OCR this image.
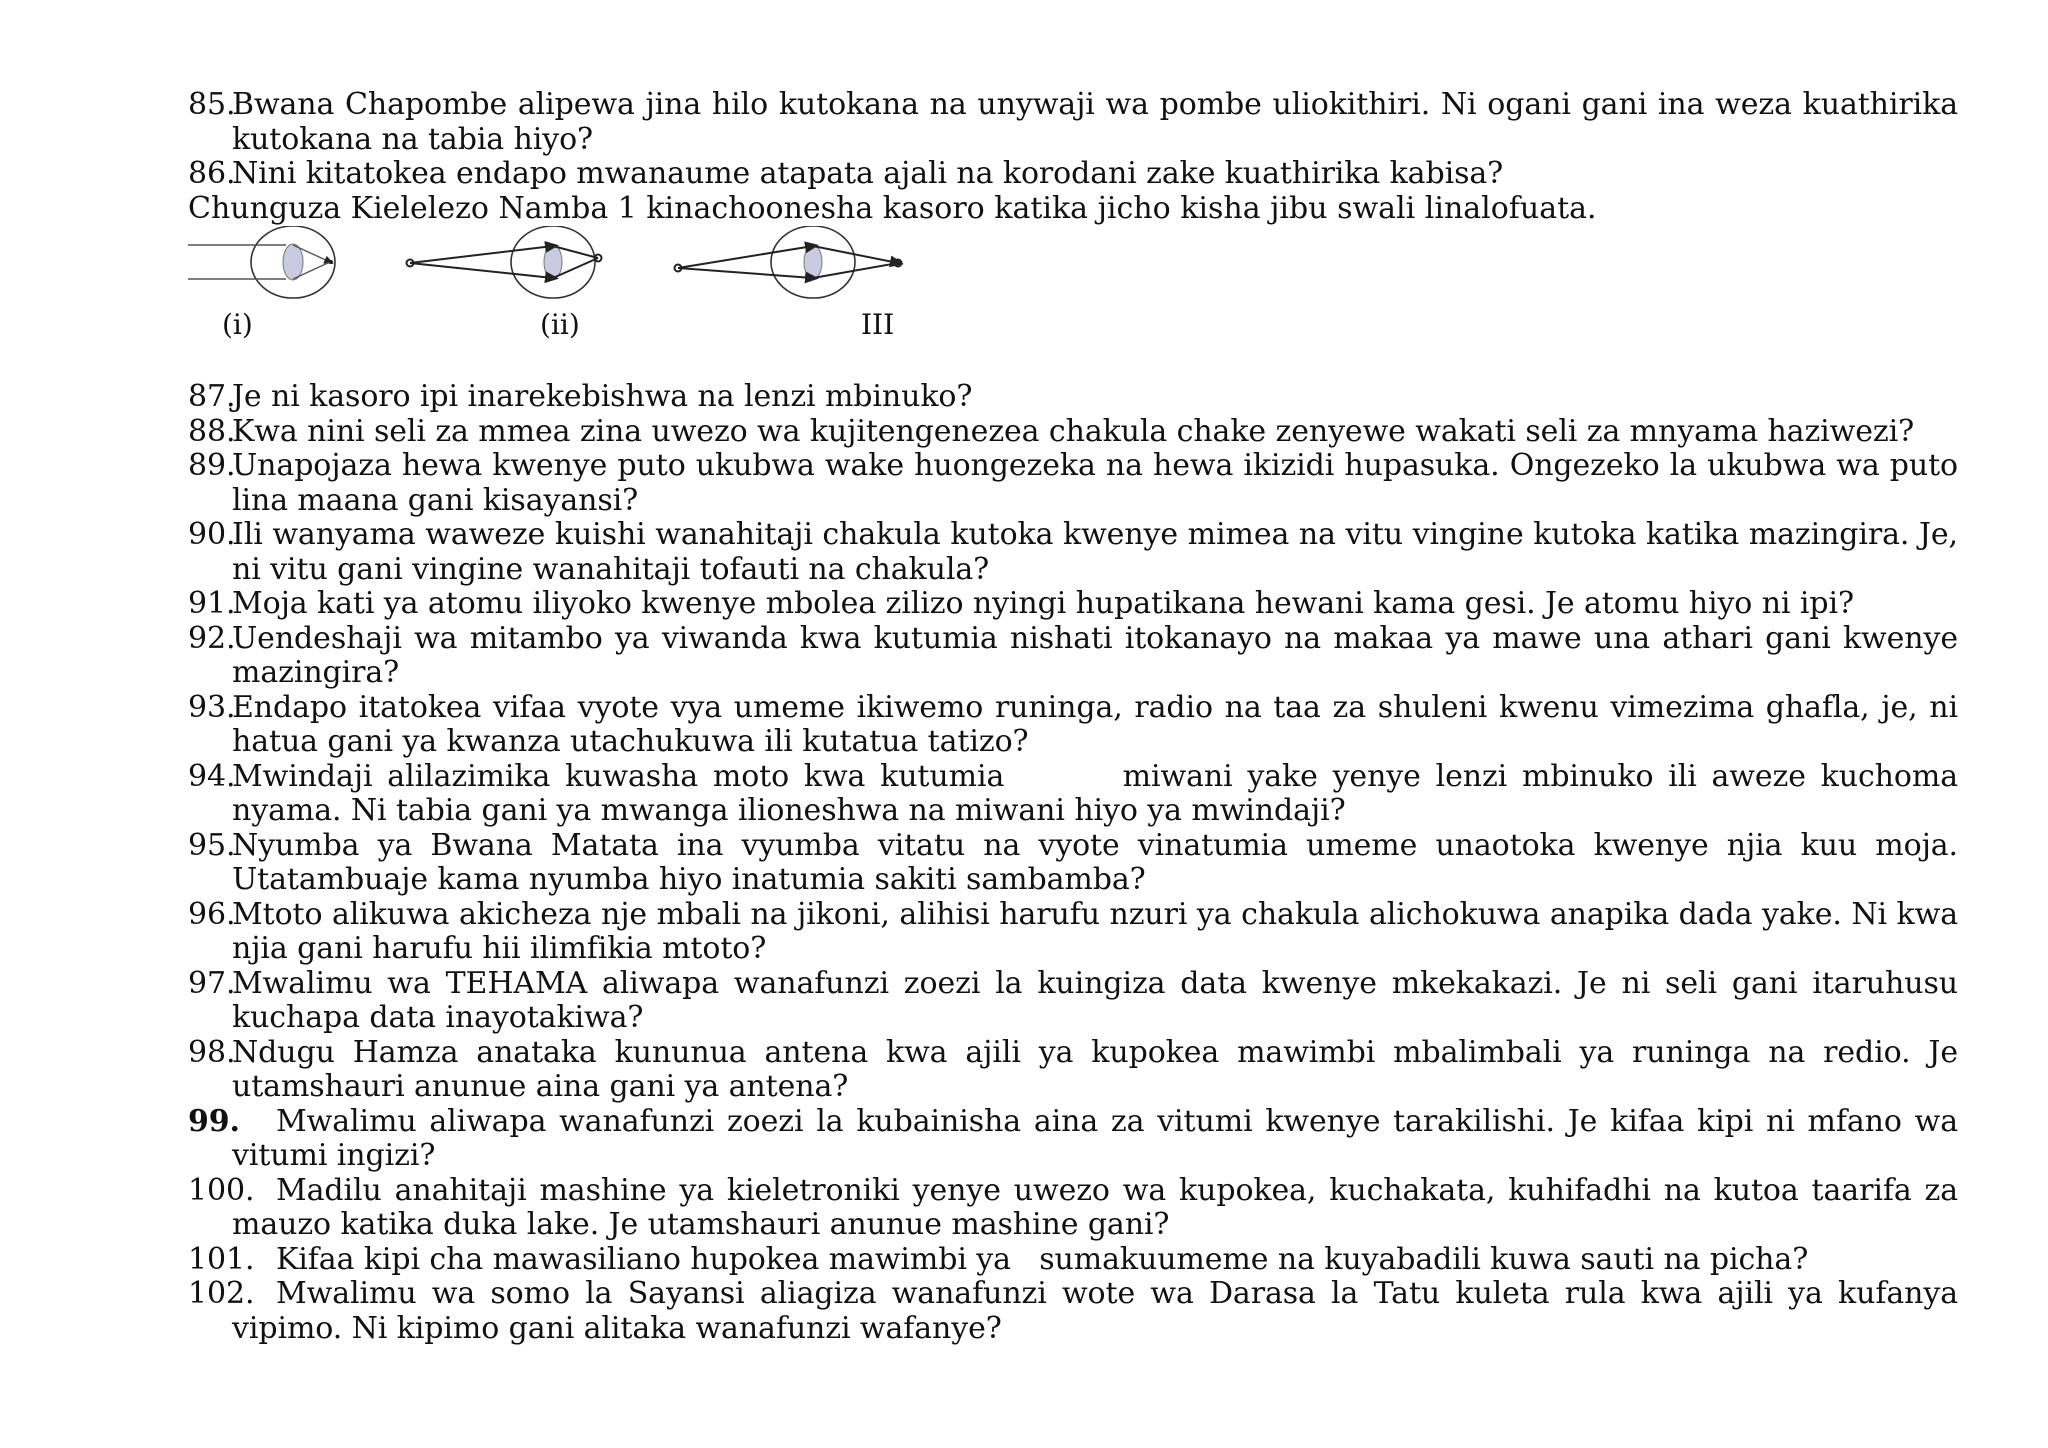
85.
Bwana Chapombe alipewa jina hilo kutokana na unywaji wa pombe uliokithiri. Ni ogani gani ina weza kuathirika kutokana na tabia hiyo?
86.
Nini kitatokea endapo mwanaume atapata ajali na korodani zake kuathirika kabisa?
Chunguza Kielelezo Namba 1 kinachoonesha kasoro katika jicho kisha jibu swali linalofuata.
(i)	(ii)	III
87.
Je ni kasoro ipi inarekebishwa na lenzi mbinuko?
88.
Kwa nini seli za mmea zina uwezo wa kujitengenezea chakula chake zenyewe wakati seli za mnyama haziwezi?
89.
Unapojaza hewa kwenye puto ukubwa wake huongezeka na hewa ikizidi hupasuka. Ongezeko la ukubwa wa puto lina maana gani kisayansi?
90.
Ili wanyama waweze kuishi wanahitaji chakula kutoka kwenye mimea na vitu vingine kutoka katika mazingira. Je, ni vitu gani vingine wanahitaji tofauti na chakula?
91.
Moja kati ya atomu iliyoko kwenye mbolea zilizo nyingi hupatikana hewani kama gesi. Je atomu hiyo ni ipi?
92.
Uendeshaji wa mitambo ya viwanda kwa kutumia nishati itokanayo na makaa ya mawe una athari gani kwenye mazingira?
93.
Endapo itatokea vifaa vyote vya umeme ikiwemo runinga, radio na taa za shuleni kwenu vimezima ghafla, je, ni hatua gani ya kwanza utachukuwa ili kutatua tatizo?
94.
Mwindaji alilazimika kuwasha moto kwa kutumia        miwani yake yenye lenzi mbinuko ili aweze kuchoma nyama. Ni tabia gani ya mwanga ilioneshwa na miwani hiyo ya mwindaji?
95.
Nyumba ya Bwana Matata ina vyumba vitatu na vyote vinatumia umeme unaotoka kwenye njia kuu moja. Utatambuaje kama nyumba hiyo inatumia sakiti sambamba?
96.
Mtoto alikuwa akicheza nje mbali na jikoni, alihisi harufu nzuri ya chakula alichokuwa anapika dada yake. Ni kwa njia gani harufu hii ilimfikia mtoto?
97.
Mwalimu wa TEHAMA aliwapa wanafunzi zoezi la kuingiza data kwenye mkekakazi. Je ni seli gani itaruhusu kuchapa data inayotakiwa?
98.
Ndugu Hamza anataka kununua antena kwa ajili ya kupokea mawimbi mbalimbali ya runinga na redio. Je utamshauri anunue aina gani ya antena?
99. Mwalimu aliwapa wanafunzi zoezi la kubainisha aina za vitumi kwenye tarakilishi. Je kifaa kipi ni mfano wa vitumi ingizi?
100. Madilu anahitaji mashine ya kieletroniki yenye uwezo wa kupokea, kuchakata, kuhifadhi na kutoa taarifa za mauzo katika duka lake. Je utamshauri anunue mashine gani?
101. Kifaa kipi cha mawasiliano hupokea mawimbi ya   sumakuumeme na kuyabadili kuwa sauti na picha?
102. Mwalimu wa somo la Sayansi aliagiza wanafunzi wote wa Darasa la Tatu kuleta rula kwa ajili ya kufanya vipimo. Ni kipimo gani alitaka wanafunzi wafanye?
